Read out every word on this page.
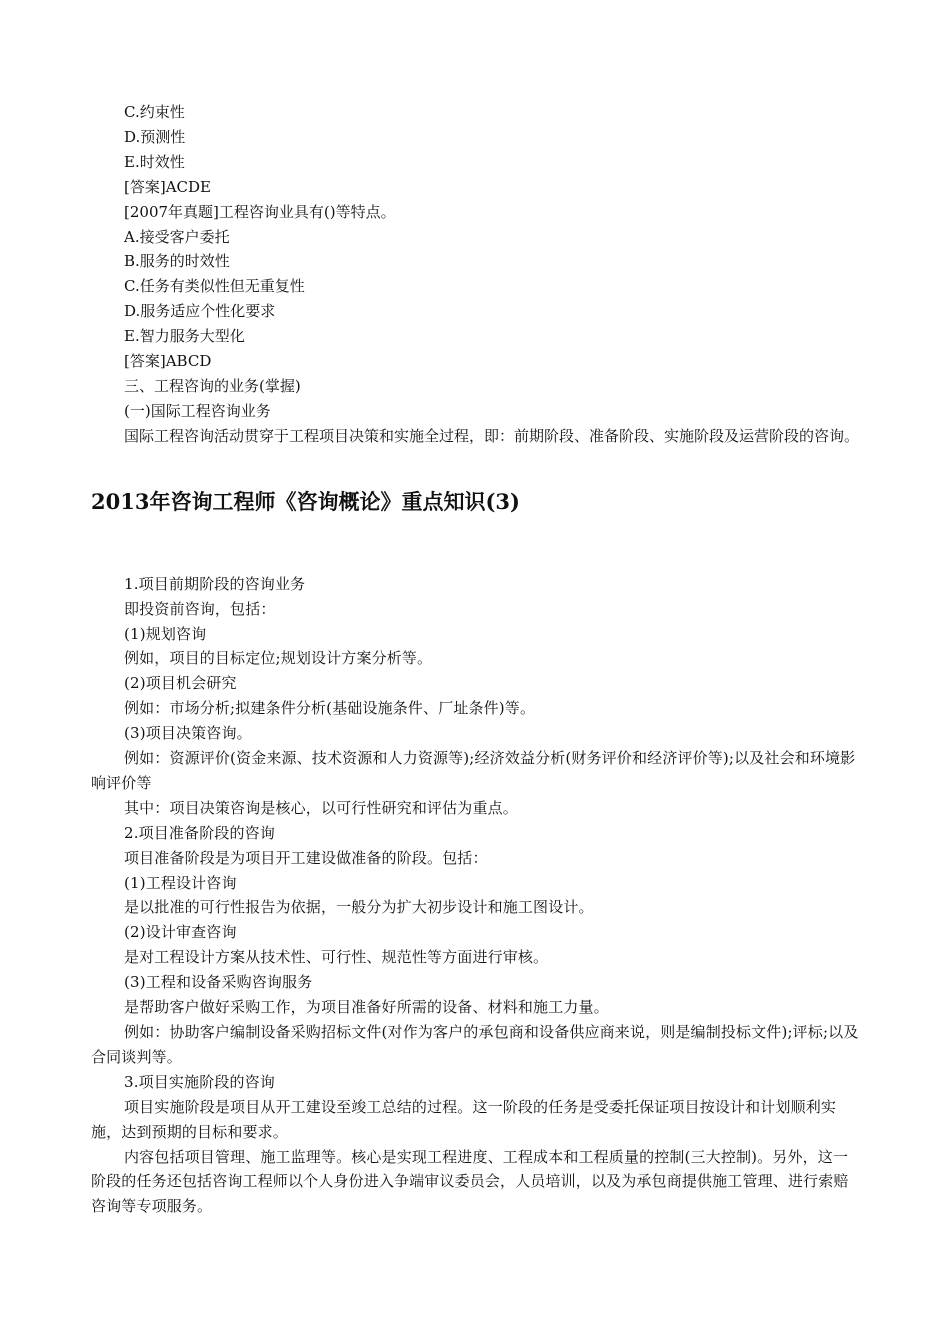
C.约束性

D.预测性

E.时效性

[答案]ACDE

[2007年真题]工程咨询业具有()等特点。

A.接受客户委托

B.服务的时效性

C.任务有类似性但无重复性

D.服务适应个性化要求

E.智力服务大型化

[答案]ABCD

三、工程咨询的业务(掌握)

(一)国际工程咨询业务

国际工程咨询活动贯穿于工程项目决策和实施全过程，即：前期阶段、准备阶段、实施阶段及运营阶段的咨询。

2013年咨询工程师《咨询概论》重点知识(3)

1.项目前期阶段的咨询业务

即投资前咨询，包括：

(1)规划咨询

例如，项目的目标定位;规划设计方案分析等。

(2)项目机会研究

例如：市场分析;拟建条件分析(基础设施条件、厂址条件)等。

(3)项目决策咨询。

例如：资源评价(资金来源、技术资源和人力资源等);经济效益分析(财务评价和经济评价等);以及社会和环境影响评价等

其中：项目决策咨询是核心，以可行性研究和评估为重点。

2.项目准备阶段的咨询

项目准备阶段是为项目开工建设做准备的阶段。包括：

(1)工程设计咨询

是以批准的可行性报告为依据，一般分为扩大初步设计和施工图设计。

(2)设计审查咨询

是对工程设计方案从技术性、可行性、规范性等方面进行审核。

(3)工程和设备采购咨询服务

是帮助客户做好采购工作，为项目准备好所需的设备、材料和施工力量。

例如：协助客户编制设备采购招标文件(对作为客户的承包商和设备供应商来说，则是编制投标文件);评标;以及合同谈判等。

3.项目实施阶段的咨询

项目实施阶段是项目从开工建设至竣工总结的过程。这一阶段的任务是受委托保证项目按设计和计划顺利实施，达到预期的目标和要求。

内容包括项目管理、施工监理等。核心是实现工程进度、工程成本和工程质量的控制(三大控制)。另外，这一阶段的任务还包括咨询工程师以个人身份进入争端审议委员会，人员培训，以及为承包商提供施工管理、进行索赔咨询等专项服务。
